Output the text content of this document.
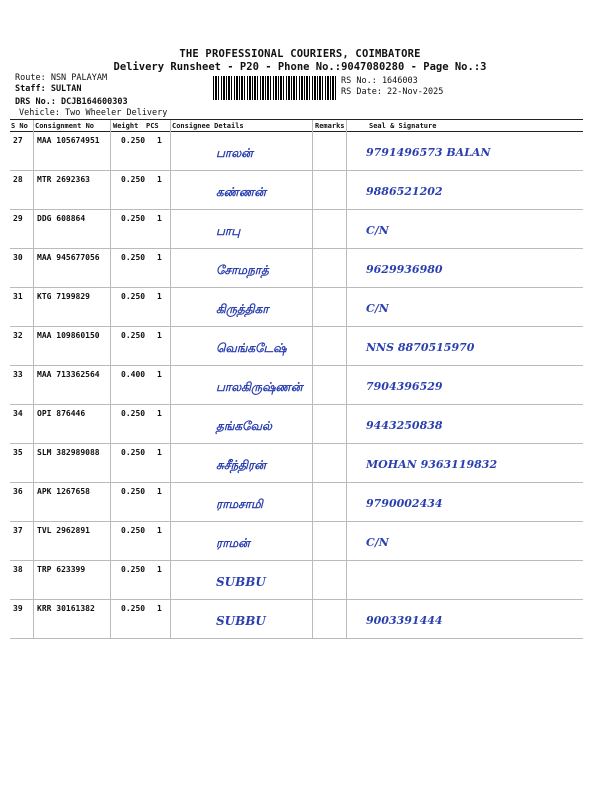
THE PROFESSIONAL COURIERS, COIMBATORE
Delivery Runsheet - P20 - Phone No.:9047080280 - Page No.:3
Route: NSN PALAYAM
Staff: SULTAN
DRS No.: DCJB164600303
Vehicle: Two Wheeler Delivery
RS No.: 1646003
RS Date: 22-Nov-2025
S No Consignment No	Weight PCS Consignee Details	Remarks	Seal & Signature
27	MAA 105674951	0.250	1	பாலன்		9791496573 BALAN
28	MTR 2692363	0.250	1	கண்ணன்		9886521202
29	DDG 608864	0.250	1	பாபு		C/N
30	MAA 945677056	0.250	1	சோமநாத்		9629936980
31	KTG 7199829	0.250	1	கிருத்திகா		C/N
32	MAA 109860150	0.250	1	வெங்கடேஷ்		NNS 8870515970
33	MAA 713362564	0.400	1	பாலகிருஷ்ணன்		7904396529
34	OPI 876446	0.250	1	தங்கவேல்		9443250838
35	SLM 382989088	0.250	1	சுசீந்திரன்		MOHAN 9363119832
36	APK 1267658	0.250	1	ராமசாமி		9790002434
37	TVL 2962891	0.250	1	ராமன்		C/N
38	TRP 623399	0.250	1	SUBBU		
39	KRR 30161382	0.250	1	SUBBU		9003391444
